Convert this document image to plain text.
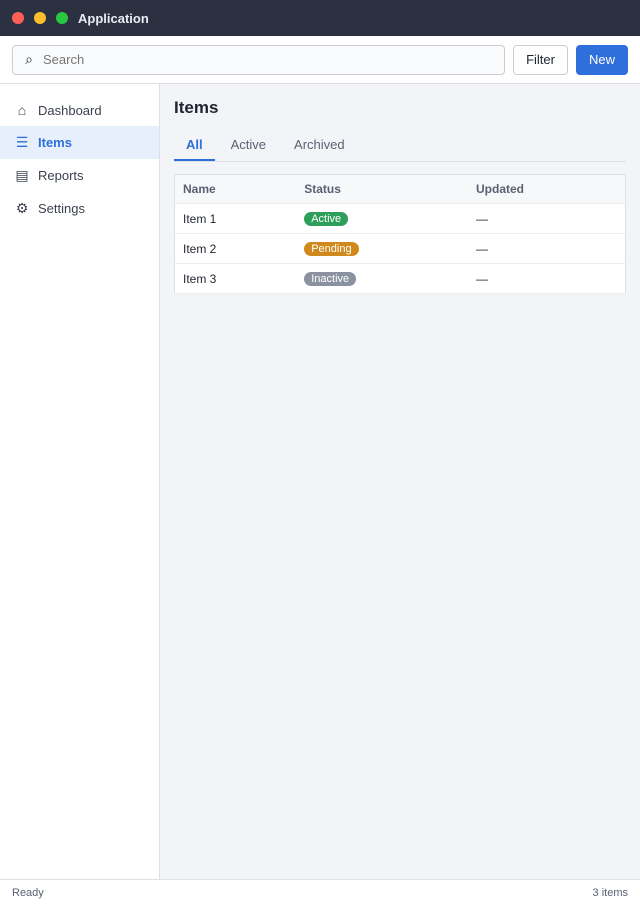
Application
⌕
Search	Filter	New
⌂ Dashboard
☰ Items
▤ Reports
⚙ Settings
Items
All	Active	Archived
Name	Status	Updated
Item 1	Active	—
Item 2	Pending	—
Item 3	Inactive	—
Ready	3 items
